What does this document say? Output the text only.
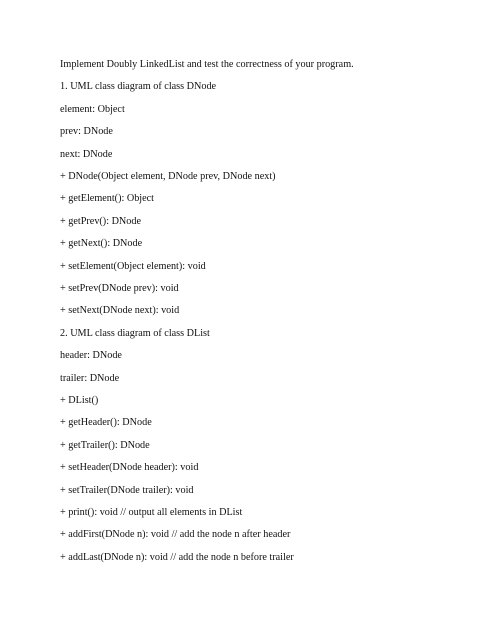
Implement Doubly LinkedList and test the correctness of your program.
1. UML class diagram of class DNode
element: Object
prev: DNode
next: DNode
+ DNode(Object element, DNode prev, DNode next)
+ getElement(): Object
+ getPrev(): DNode
+ getNext(): DNode
+ setElement(Object element): void
+ setPrev(DNode prev): void
+ setNext(DNode next): void
2. UML class diagram of class DList
header: DNode
trailer: DNode
+ DList()
+ getHeader(): DNode
+ getTrailer(): DNode
+ setHeader(DNode header): void
+ setTrailer(DNode trailer): void
+ print(): void // output all elements in DList
+ addFirst(DNode n): void // add the node n after header
+ addLast(DNode n): void // add the node n before trailer
